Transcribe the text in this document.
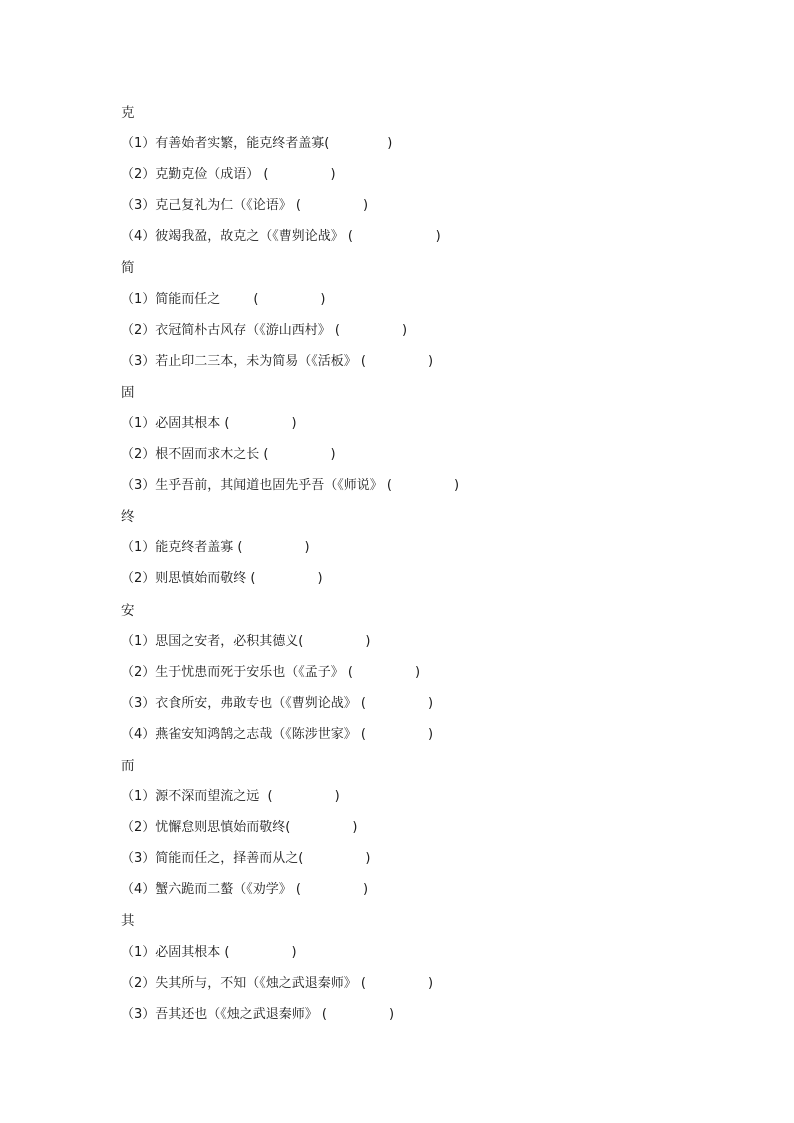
克
（1）有善始者实繁，能克终者盖寡(              )
（2）克勤克俭（成语） (               )
（3）克己复礼为仁（《论语》 (               )
（4）彼竭我盈，故克之（《曹刿论战》 (                    )
简
（1）简能而任之        (               )
（2）衣冠简朴古风存（《游山西村》 (               )
（3）若止印二三本，未为简易（《活板》 (               )
固
（1）必固其根本 (               )
（2）根不固而求木之长 (               )
（3）生乎吾前，其闻道也固先乎吾（《师说》 (               )
终
（1）能克终者盖寡 (               )
（2）则思慎始而敬终 (               )
安
（1）思国之安者，必积其德义(               )
（2）生于忧患而死于安乐也（《孟子》 (               )
（3）衣食所安，弗敢专也（《曹刿论战》 (               )
（4）燕雀安知鸿鹄之志哉（《陈涉世家》 (               )
而
（1）源不深而望流之远  (               )
（2）忧懈怠则思慎始而敬终(               )
（3）简能而任之，择善而从之(               )
（4）蟹六跪而二螯（《劝学》 (               )
其
（1）必固其根本 (               )
（2）失其所与，不知（《烛之武退秦师》 (               )
（3）吾其还也（《烛之武退秦师》 (               )
